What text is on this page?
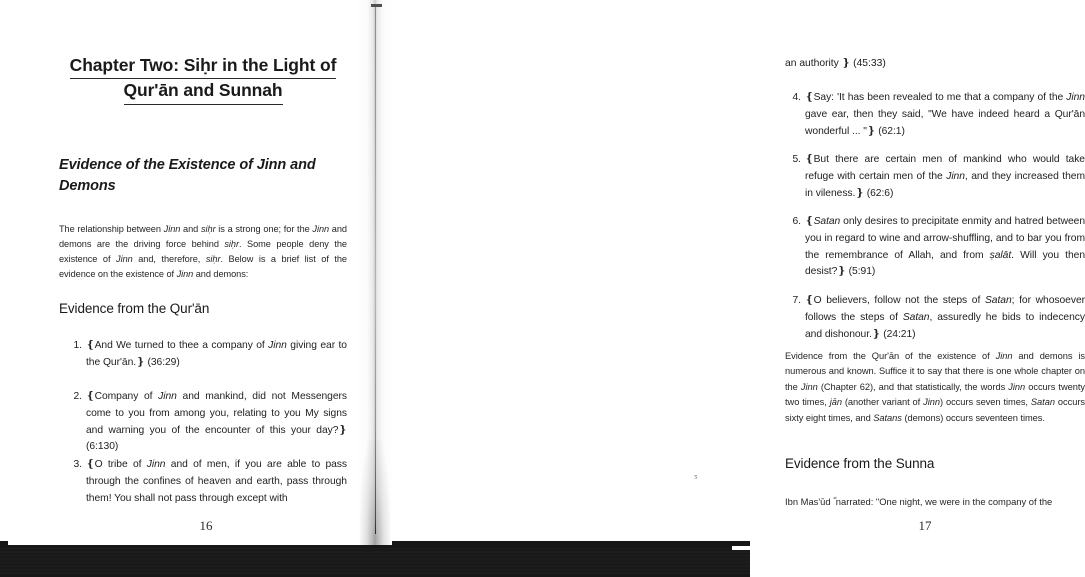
Chapter Two: Siḥr in the Light of
Qur'ān and Sunnah
Evidence of the Existence of Jinn and
Demons
The relationship between Jinn and siḥr is a strong one; for the Jinn and demons are the driving force behind siḥr. Some people deny the existence of Jinn and, therefore, siḥr. Below is a brief list of the evidence on the existence of Jinn and demons:
Evidence from the Qur'ān
1. ❴And We turned to thee a company of Jinn giving ear to the Qur'ān.❵ (36:29)
2. ❴Company of Jinn and mankind, did not Messengers come to you from among you, relating to you My signs and warning you of the encounter of this your day?❵ (6:130)
3. ❴O tribe of Jinn and of men, if you are able to pass through the confines of heaven and earth, pass through them! You shall not pass through except with
16
an authority ❵ (45:33)
4. ❴Say: 'It has been revealed to me that a company of the Jinn gave ear, then they said, "We have indeed heard a Qur'ān wonderful ... "❵ (62:1)
5. ❴But there are certain men of mankind who would take refuge with certain men of the Jinn, and they increased them in vileness.❵ (62:6)
6. ❴Satan only desires to precipitate enmity and hatred between you in regard to wine and arrow-shuffling, and to bar you from the remembrance of Allah, and from ṣalāt. Will you then desist?❵ (5:91)
7. ❴O believers, follow not the steps of Satan; for whosoever follows the steps of Satan, assuredly he bids to indecency and dishonour.❵ (24:21)
Evidence from the Qur'ān of the existence of Jinn and demons is numerous and known. Suffice it to say that there is one whole chapter on the Jinn (Chapter 62), and that statistically, the words Jinn occurs twenty two times, jān (another variant of Jinn) occurs seven times, Satan occurs sixty eight times, and Satans (demons) occurs seventeen times.
Evidence from the Sunna
Ibn Mas'ūd ؓ narrated: "One night, we were in the company of the
17
ᴣ
